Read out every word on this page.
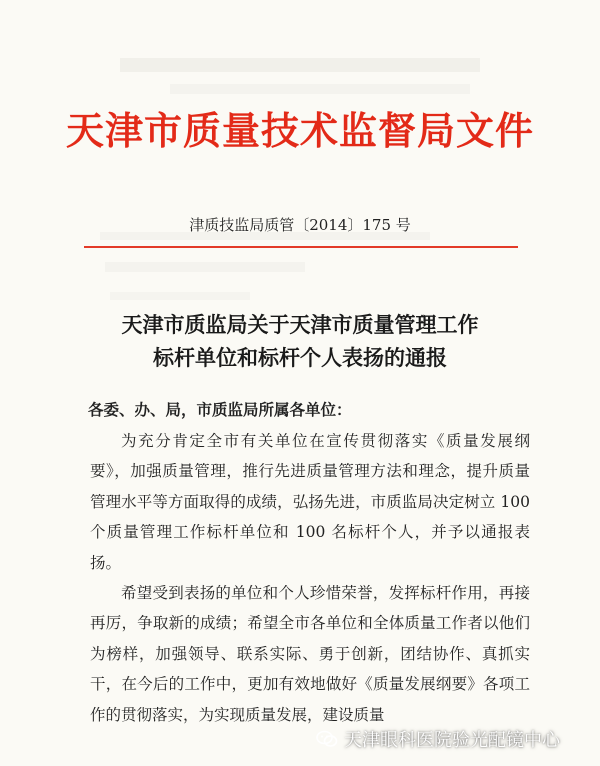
天津市质量技术监督局文件
津质技监局质管〔2014〕175 号
天津市质监局关于天津市质量管理工作
标杆单位和标杆个人表扬的通报
各委、办、局，市质监局所属各单位：
为充分肯定全市有关单位在宣传贯彻落实《质量发展纲要》，加强质量管理，推行先进质量管理方法和理念，提升质量管理水平等方面取得的成绩，弘扬先进，市质监局决定树立 100 个质量管理工作标杆单位和 100 名标杆个人，并予以通报表扬。
希望受到表扬的单位和个人珍惜荣誉，发挥标杆作用，再接再厉，争取新的成绩；希望全市各单位和全体质量工作者以他们为榜样，加强领导、联系实际、勇于创新，团结协作、真抓实干，在今后的工作中，更加有效地做好《质量发展纲要》各项工作的贯彻落实，为实现质量发展，建设质量
天津眼科医院验光配镜中心
